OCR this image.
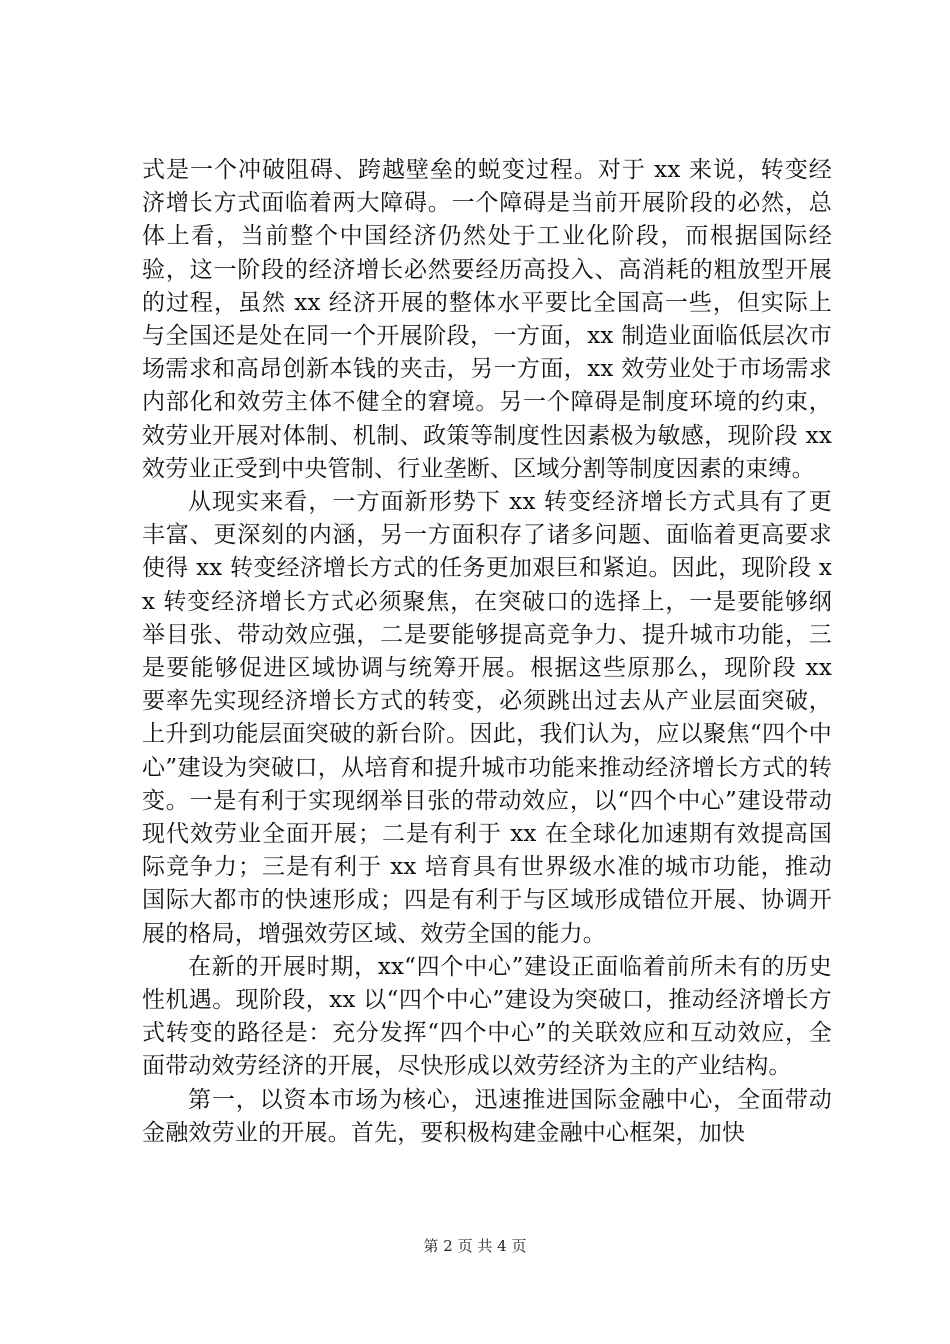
式是一个冲破阻碍、跨越壁垒的蜕变过程。对于 xx 来说，转变经济增长方式面临着两大障碍。一个障碍是当前开展阶段的必然，总体上看，当前整个中国经济仍然处于工业化阶段，而根据国际经验，这一阶段的经济增长必然要经历高投入、高消耗的粗放型开展的过程，虽然 xx 经济开展的整体水平要比全国高一些，但实际上与全国还是处在同一个开展阶段，一方面，xx 制造业面临低层次市场需求和高昂创新本钱的夹击，另一方面，xx 效劳业处于市场需求内部化和效劳主体不健全的窘境。另一个障碍是制度环境的约束，效劳业开展对体制、机制、政策等制度性因素极为敏感，现阶段 xx 效劳业正受到中央管制、行业垄断、区域分割等制度因素的束缚。

从现实来看，一方面新形势下 xx 转变经济增长方式具有了更丰富、更深刻的内涵，另一方面积存了诸多问题、面临着更高要求使得 xx 转变经济增长方式的任务更加艰巨和紧迫。因此，现阶段 xx 转变经济增长方式必须聚焦，在突破口的选择上，一是要能够纲举目张、带动效应强，二是要能够提高竞争力、提升城市功能，三是要能够促进区域协调与统筹开展。根据这些原那么，现阶段 xx 要率先实现经济增长方式的转变，必须跳出过去从产业层面突破，上升到功能层面突破的新台阶。因此，我们认为，应以聚焦“四个中心”建设为突破口，从培育和提升城市功能来推动经济增长方式的转变。一是有利于实现纲举目张的带动效应，以“四个中心”建设带动现代效劳业全面开展；二是有利于 xx 在全球化加速期有效提高国际竞争力；三是有利于 xx 培育具有世界级水准的城市功能，推动国际大都市的快速形成；四是有利于与区域形成错位开展、协调开展的格局，增强效劳区域、效劳全国的能力。

在新的开展时期，xx“四个中心”建设正面临着前所未有的历史性机遇。现阶段，xx 以“四个中心”建设为突破口，推动经济增长方式转变的路径是：充分发挥“四个中心”的关联效应和互动效应，全面带动效劳经济的开展，尽快形成以效劳经济为主的产业结构。

第一，以资本市场为核心，迅速推进国际金融中心，全面带动金融效劳业的开展。首先，要积极构建金融中心框架，加快

第 2 页 共 4 页
